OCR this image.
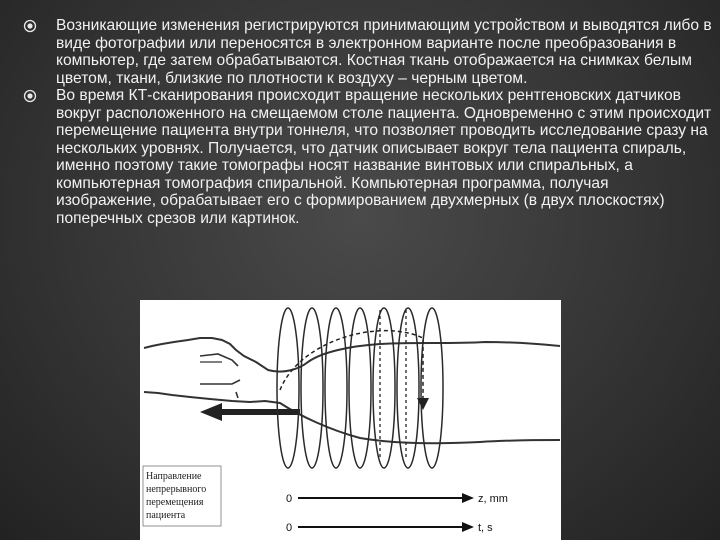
Возникающие изменения регистрируются принимающим устройством и выводятся либо в виде фотографии или переносятся в электронном варианте после преобразования в компьютер, где затем обрабатываются. Костная ткань отображается на снимках белым цветом, ткани, близкие по плотности к воздуху – черным цветом.
Во время КТ-сканирования происходит вращение нескольких рентгеновских датчиков вокруг расположенного на смещаемом столе пациента. Одновременно с этим происходит перемещение пациента внутри тоннеля, что позволяет проводить исследование сразу на нескольких уровнях. Получается, что датчик описывает вокруг тела пациента спираль, именно поэтому такие томографы носят название винтовых или спиральных, а компьютерная томография спиральной. Компьютерная программа, получая изображение, обрабатывает его с формированием двухмерных (в двух плоскостях) поперечных срезов или картинок.
Направление
непрерывного
перемещения
пациента
0	z, mm
0	t, s
